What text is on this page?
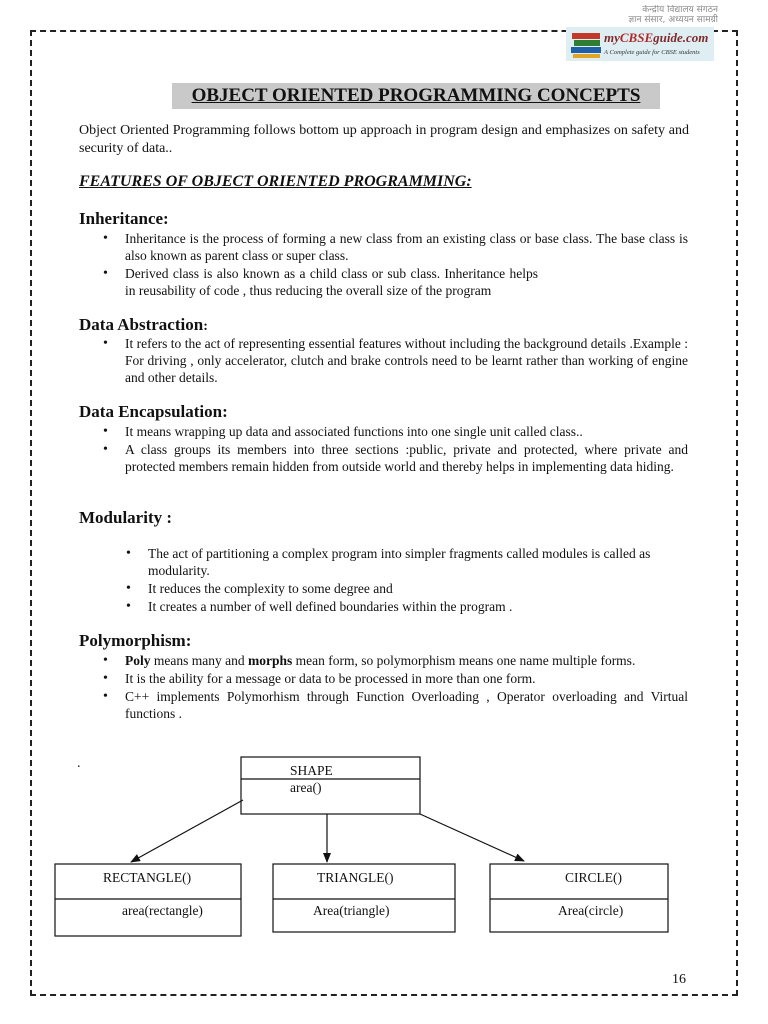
केन्द्रीय विद्यालय संगठन
ज्ञान संसार, अध्ययन सामग्री
myCBSEguide.com
A Complete guide for CBSE students
OBJECT ORIENTED PROGRAMMING CONCEPTS

Object Oriented Programming follows bottom up approach in program design and emphasizes on safety and security of data..

FEATURES OF OBJECT ORIENTED PROGRAMMING:
Inheritance:
• Inheritance is the process of forming a new class from an existing class or base class. The base class is also known as parent class or super class.
• Derived class is also known as a child class or sub class. Inheritance helps in reusability of code , thus reducing the overall size of the program
Data Abstraction:
• It refers to the act of representing essential features without including the background details .Example : For driving , only accelerator, clutch and brake controls need to be learnt rather than working of engine and other details.
Data Encapsulation:
• It means wrapping up data and associated functions into one single unit called class..
• A class groups its members into three sections :public, private and protected, where private and protected members remain hidden from outside world and thereby helps in implementing data hiding.
Modularity :
• The act of partitioning a complex program into simpler fragments called modules is called as modularity.
• It reduces the complexity to some degree and
• It creates a number of well defined boundaries within the program .
Polymorphism:
• Poly means many and morphs mean form, so polymorphism means one name multiple forms.
• It is the ability for a message or data to be processed in more than one form.
• C++ implements Polymorhism through Function Overloading , Operator overloading and Virtual functions .
.	SHAPE
area()
RECTANGLE()
area(rectangle)
TRIANGLE()
Area(triangle)
CIRCLE()
Area(circle)
16
